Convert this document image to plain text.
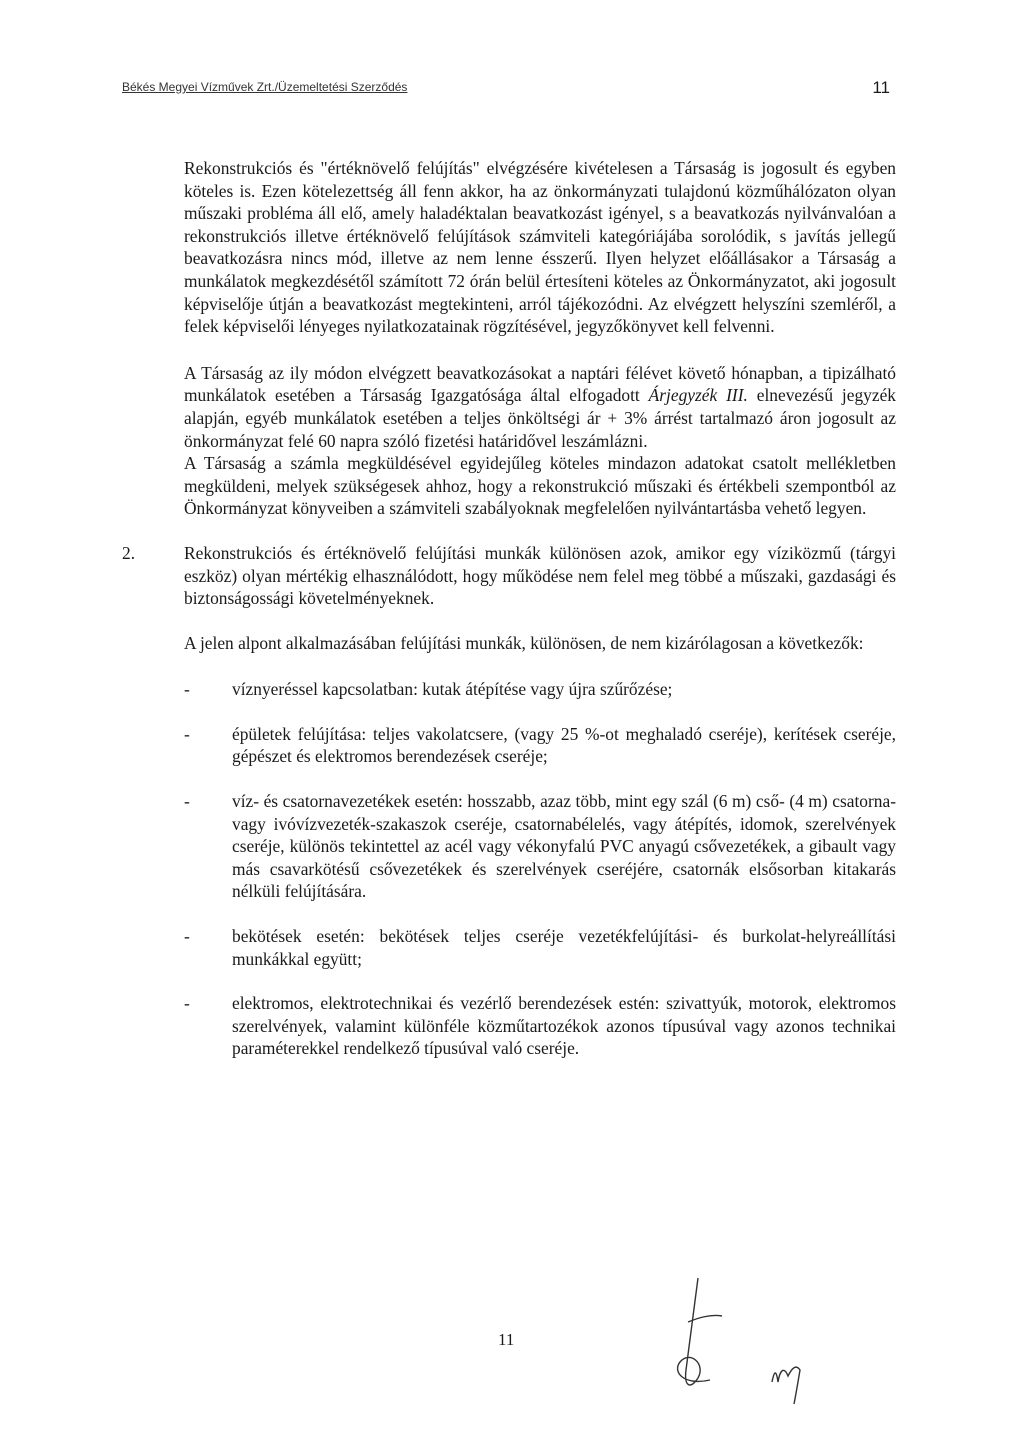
Békés Megyei Vízművek Zrt./Üzemeltetési Szerződés	11

Rekonstrukciós és "értéknövelő felújítás" elvégzésére kivételesen a Társaság is jogosult és egyben köteles is. Ezen kötelezettség áll fenn akkor, ha az önkormányzati tulajdonú közműhálózaton olyan műszaki probléma áll elő, amely haladéktalan beavatkozást igényel, s a beavatkozás nyilvánvalóan a rekonstrukciós illetve értéknövelő felújítások számviteli kategóriájába sorolódik, s javítás jellegű beavatkozásra nincs mód, illetve az nem lenne ésszerű. Ilyen helyzet előállásakor a Társaság a munkálatok megkezdésétől számított 72 órán belül értesíteni köteles az Önkormányzatot, aki jogosult képviselője útján a beavatkozást megtekinteni, arról tájékozódni. Az elvégzett helyszíni szemléről, a felek képviselői lényeges nyilatkozatainak rögzítésével, jegyzőkönyvet kell felvenni.

A Társaság az ily módon elvégzett beavatkozásokat a naptári félévet követő hónapban, a tipizálható munkálatok esetében a Társaság Igazgatósága által elfogadott Árjegyzék III. elnevezésű jegyzék alapján, egyéb munkálatok esetében a teljes önköltségi ár + 3% árrést tartalmazó áron jogosult az önkormányzat felé 60 napra szóló fizetési határidővel leszámlázni.

A Társaság a számla megküldésével egyidejűleg köteles mindazon adatokat csatolt mellékletben megküldeni, melyek szükségesek ahhoz, hogy a rekonstrukció műszaki és értékbeli szempontból az Önkormányzat könyveiben a számviteli szabályoknak megfelelően nyilvántartásba vehető legyen.

2.	Rekonstrukciós és értéknövelő felújítási munkák különösen azok, amikor egy víziközmű (tárgyi eszköz) olyan mértékig elhasználódott, hogy működése nem felel meg többé a műszaki, gazdasági és biztonságossági követelményeknek.

A jelen alpont alkalmazásában felújítási munkák, különösen, de nem kizárólagosan a következők:

- víznyeréssel kapcsolatban: kutak átépítése vagy újra szűrőzése;

- épületek felújítása: teljes vakolatcsere, (vagy 25 %-ot meghaladó cseréje), kerítések cseréje, gépészet és elektromos berendezések cseréje;

- víz- és csatornavezetékek esetén: hosszabb, azaz több, mint egy szál (6 m) cső- (4 m) csatorna- vagy ivóvízvezeték-szakaszok cseréje, csatornabélelés, vagy átépítés, idomok, szerelvények cseréje, különös tekintettel az acél vagy vékonyfalú PVC anyagú csővezetékek, a gibault vagy más csavarkötésű csővezetékek és szerelvények cseréjére, csatornák elsősorban kitakarás nélküli felújítására.

- bekötések esetén: bekötések teljes cseréje vezetékfelújítási- és burkolat-helyreállítási munkákkal együtt;

- elektromos, elektrotechnikai és vezérlő berendezések estén: szivattyúk, motorok, elektromos szerelvények, valamint különféle közműtartozékok azonos típusúval vagy azonos technikai paraméterekkel rendelkező típusúval való cseréje.

11
